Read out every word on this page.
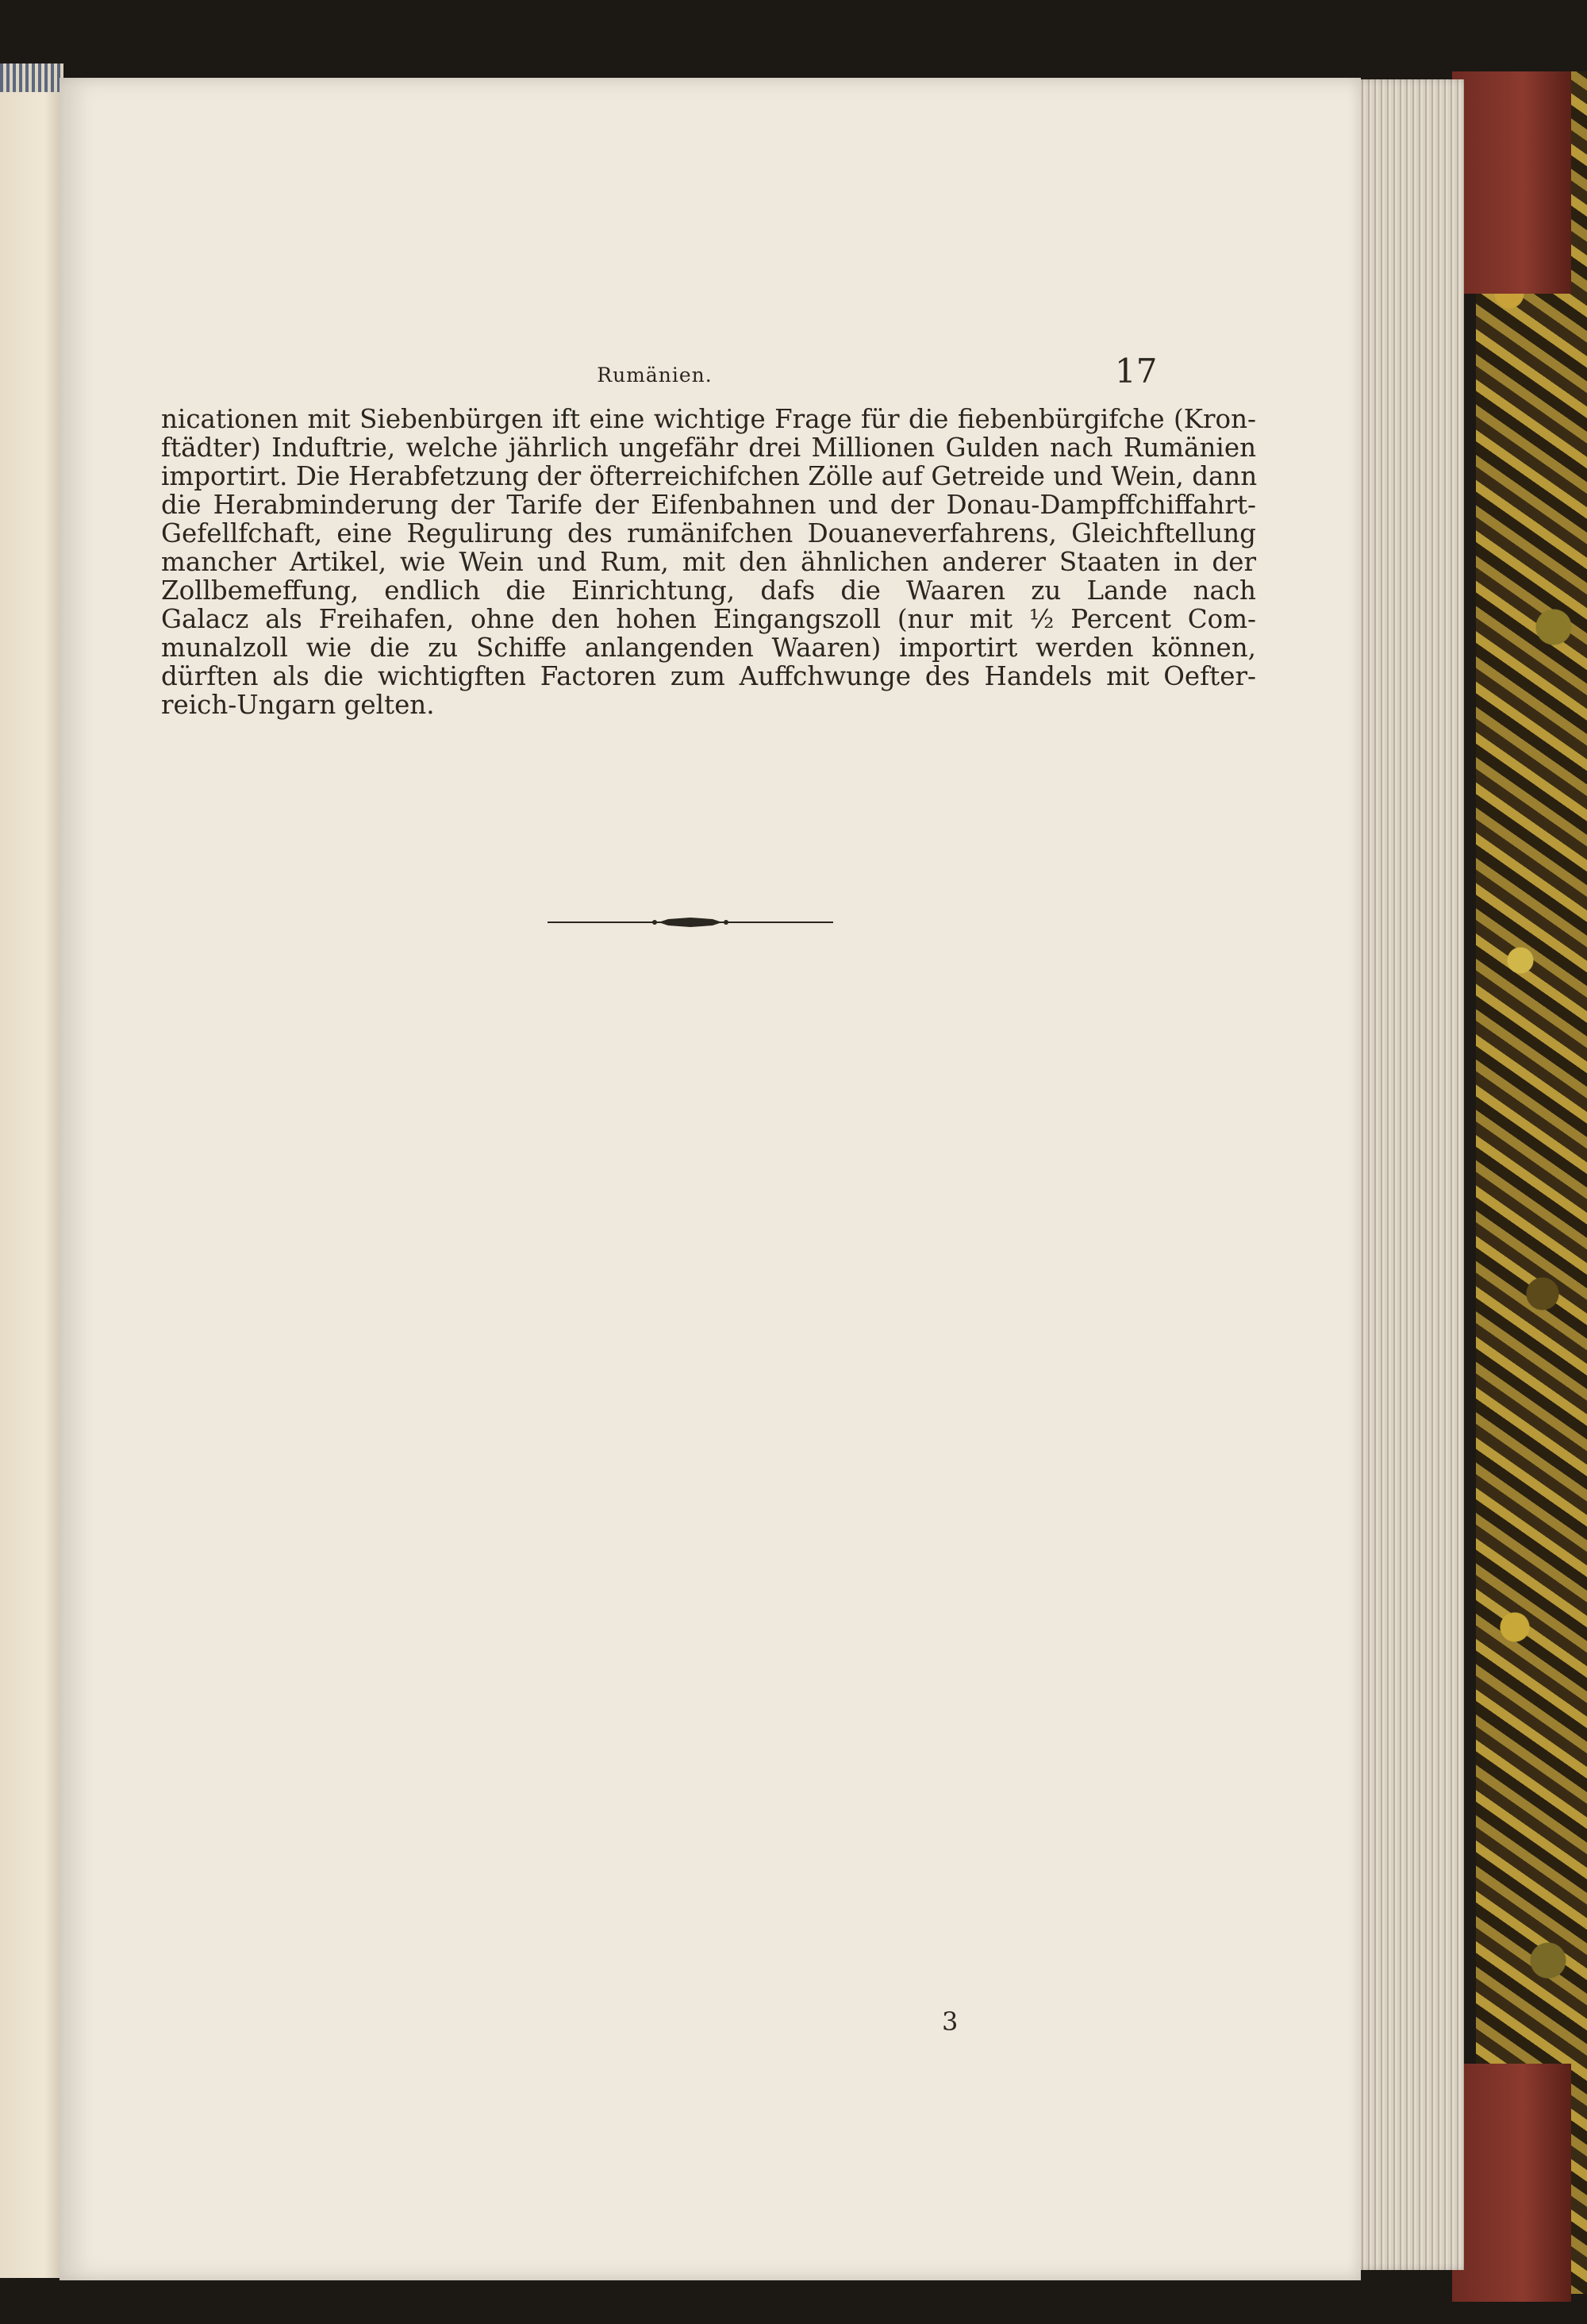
Rumänien.	17
nicationen mit Siebenbürgen ift eine wichtige Frage für die fiebenbürgifche (Kron-
ftädter) Induftrie, welche jährlich ungefähr drei Millionen Gulden nach Rumänien
importirt. Die Herabfetzung der öfterreichifchen Zölle auf Getreide und Wein, dann
die Herabminderung der Tarife der Eifenbahnen und der Donau-Dampffchiffahrt-
Gefellfchaft, eine Regulirung des rumänifchen Douaneverfahrens, Gleichftellung
mancher Artikel, wie Wein und Rum, mit den ähnlichen anderer Staaten in der
Zollbemeffung, endlich die Einrichtung, dafs die Waaren zu Lande nach
Galacz als Freihafen, ohne den hohen Eingangszoll (nur mit ½ Percent Com-
munalzoll wie die zu Schiffe anlangenden Waaren) importirt werden können,
dürften als die wichtigften Factoren zum Auffchwunge des Handels mit Oefter-
reich-Ungarn gelten.
3
